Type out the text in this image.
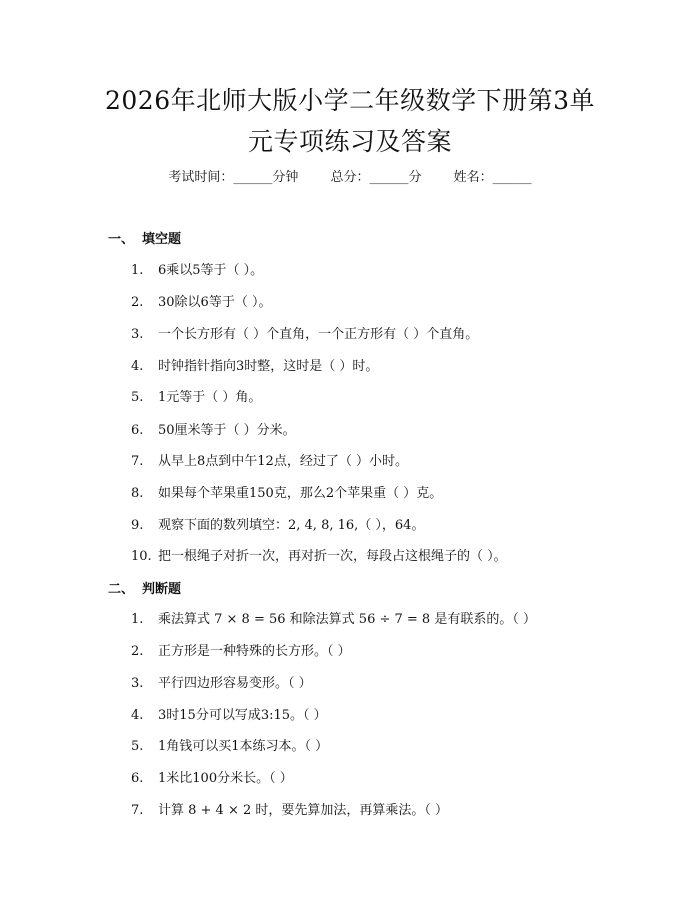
2026年北师大版小学二年级数学下册第3单
元专项练习及答案
考试时间：______分钟 总分：______分 姓名：______
一、 填空题
1. 6乘以5等于（ ）。
2. 30除以6等于（ ）。
3. 一个长方形有（ ）个直角，一个正方形有（ ）个直角。
4. 时钟指针指向3时整，这时是（ ）时。
5. 1元等于（ ）角。
6. 50厘米等于（ ）分米。
7. 从早上8点到中午12点，经过了（ ）小时。
8. 如果每个苹果重150克，那么2个苹果重（ ）克。
9. 观察下面的数列填空：2, 4, 8, 16,（ ），64。
10. 把一根绳子对折一次，再对折一次，每段占这根绳子的（ ）。
二、 判断题
1. 乘法算式 7 × 8 = 56 和除法算式 56 ÷ 7 = 8 是有联系的。（ ）
2. 正方形是一种特殊的长方形。（ ）
3. 平行四边形容易变形。（ ）
4. 3时15分可以写成3:15。（ ）
5. 1角钱可以买1本练习本。（ ）
6. 1米比100分米长。（ ）
7. 计算 8 + 4 × 2 时，要先算加法，再算乘法。（ ）
